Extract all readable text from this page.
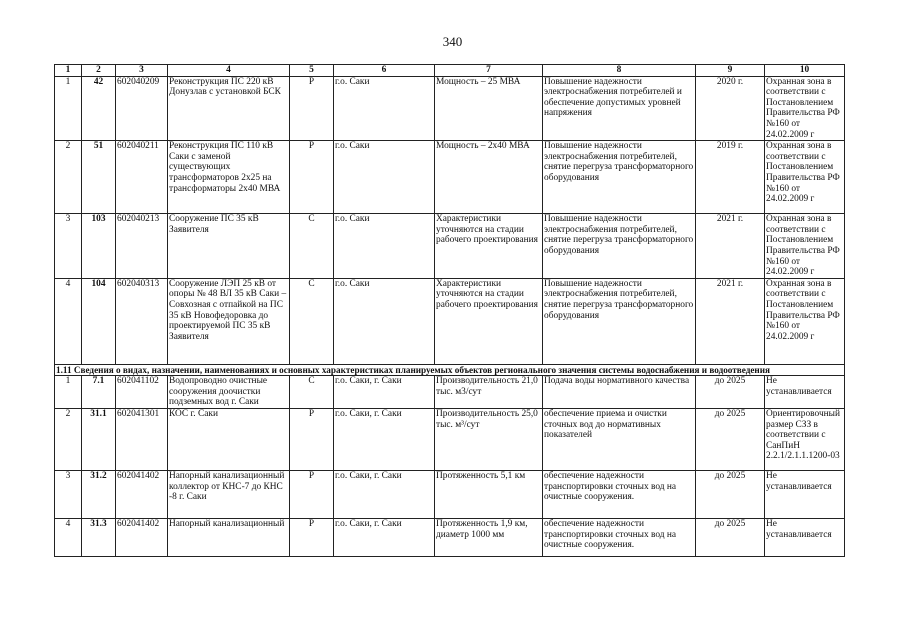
340
1	2	3	4	5	6	7	8	9	10
1	42	602040209	Реконструкция ПС 220 кВ Донузлав с установкой БСК	Р	г.о. Саки	Мощность – 25 МВА	Повышение надежности электроснабжения потребителей и обеспечение допустимых уровней напряжения	2020 г.	Охранная зона в соответствии с Постановлением Правительства РФ №160 от 24.02.2009 г
2	51	602040211	Реконструкция ПС 110 кВ Саки с заменой существующих трансформаторов 2х25 на трансформаторы 2х40 МВА	Р	г.о. Саки	Мощность – 2х40 МВА	Повышение надежности электроснабжения потребителей, снятие перегруза трансформаторного оборудования	2019 г.	Охранная зона в соответствии с Постановлением Правительства РФ №160 от 24.02.2009 г
3	103	602040213	Сооружение ПС 35 кВ Заявителя	С	г.о. Саки	Характеристики уточняются на стадии рабочего проектирования	Повышение надежности электроснабжения потребителей, снятие перегруза трансформаторного оборудования	2021 г.	Охранная зона в соответствии с Постановлением Правительства РФ №160 от 24.02.2009 г
4	104	602040313	Сооружение ЛЭП 25 кВ от опоры № 48 ВЛ 35 кВ Саки – Совхозная с отпайкой на ПС 35 кВ Новофедоровка до проектируемой ПС 35 кВ Заявителя	С	г.о. Саки	Характеристики уточняются на стадии рабочего проектирования	Повышение надежности электроснабжения потребителей, снятие перегруза трансформаторного оборудования	2021 г.	Охранная зона в соответствии с Постановлением Правительства РФ №160 от 24.02.2009 г
1.11 Сведения о видах, назначении, наименованиях и основных характеристиках планируемых объектов регионального значения системы водоснабжения и водоотведения									
1	7.1	602041102	Водопроводно очистные сооружения доочистки подземных вод г. Саки	С	г.о. Саки, г. Саки	Производительность 21,0 тыс. м3/сут	Подача воды нормативного качества	до 2025	Не устанавливается
2	31.1	602041301	КОС г. Саки	Р	г.о. Саки, г. Саки	Производительность 25,0 тыс. м³/сут	обеспечение приема и очистки сточных вод до нормативных показателей	до 2025	Ориентировочный размер СЗЗ в соответствии с СанПиН 2.2.1/2.1.1.1200-03
3	31.2	602041402	Напорный канализационный коллектор от КНС-7 до КНС -8 г. Саки	Р	г.о. Саки, г. Саки	Протяженность 5,1 км	обеспечение надежности транспортировки сточных вод на очистные сооружения.	до 2025	Не устанавливается
4	31.3	602041402	Напорный канализационный	Р	г.о. Саки, г. Саки	Протяженность 1,9 км, диаметр 1000 мм	обеспечение надежности транспортировки сточных вод на очистные сооружения.	до 2025	Не устанавливается
